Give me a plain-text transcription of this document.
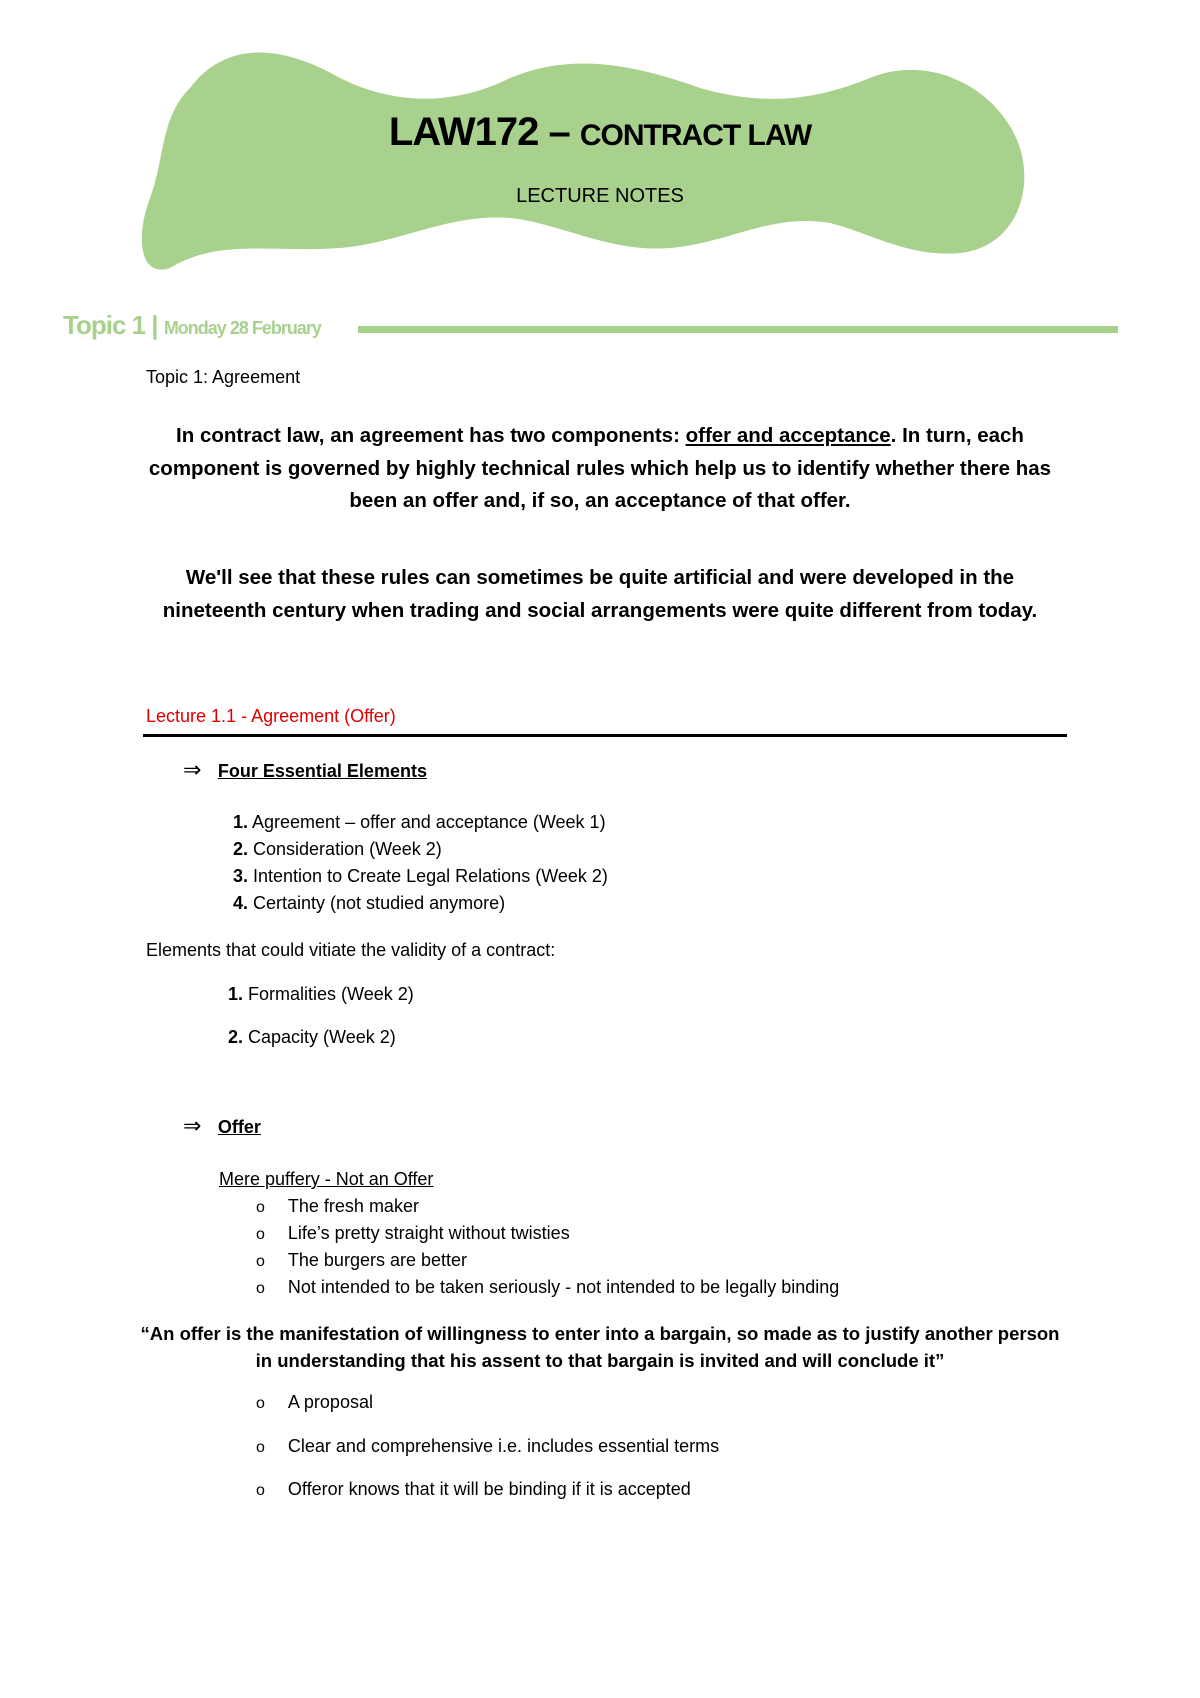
LAW172 – CONTRACT LAW
LECTURE NOTES
Topic 1 | Monday 28 February
Topic 1: Agreement
In contract law, an agreement has two components: offer and acceptance. In turn, each component is governed by highly technical rules which help us to identify whether there has been an offer and, if so, an acceptance of that offer.
We'll see that these rules can sometimes be quite artificial and were developed in the nineteenth century when trading and social arrangements were quite different from today.
Lecture 1.1 - Agreement (Offer)
⇒ Four Essential Elements
1. Agreement – offer and acceptance (Week 1)
2. Consideration (Week 2)
3. Intention to Create Legal Relations (Week 2)
4. Certainty (not studied anymore)
Elements that could vitiate the validity of a contract:
1. Formalities (Week 2)
2. Capacity (Week 2)
⇒ Offer
Mere puffery - Not an Offer
o The fresh maker
o Life’s pretty straight without twisties
o The burgers are better
o Not intended to be taken seriously - not intended to be legally binding
“An offer is the manifestation of willingness to enter into a bargain, so made as to justify another person in understanding that his assent to that bargain is invited and will conclude it”
o A proposal
o Clear and comprehensive i.e. includes essential terms
o Offeror knows that it will be binding if it is accepted
